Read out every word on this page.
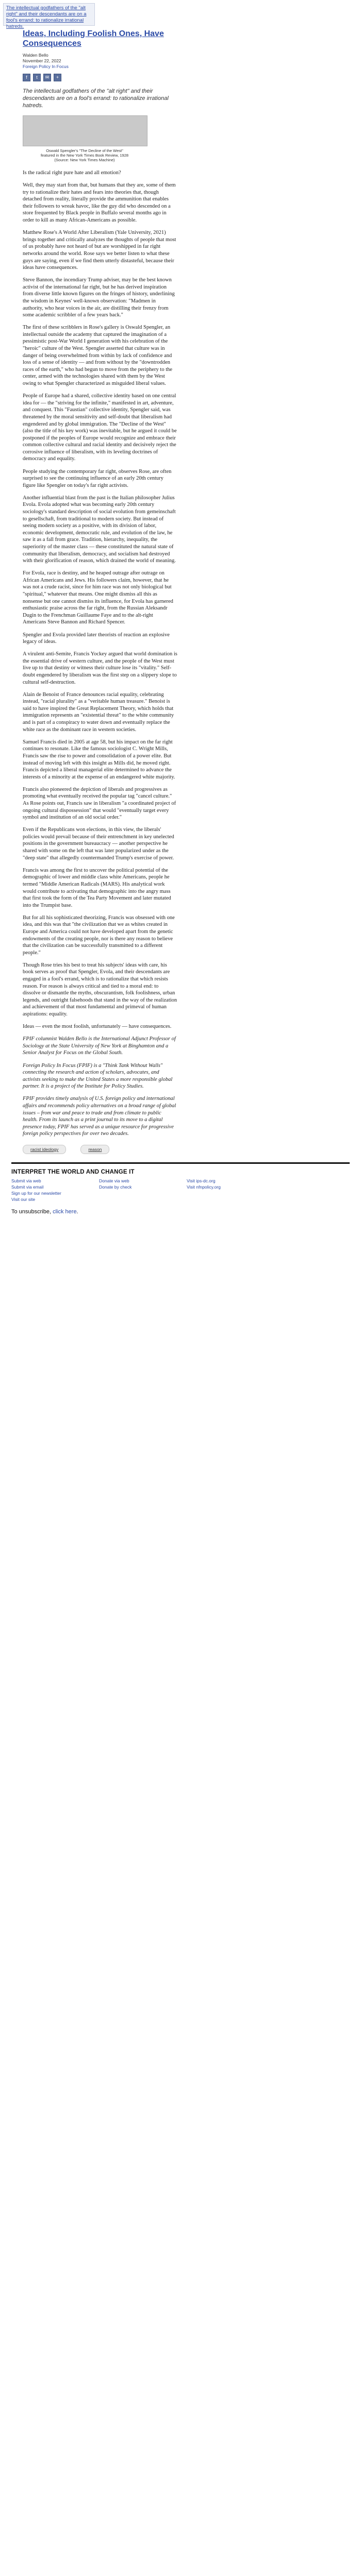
The intellectual godfathers of the "alt right" and their descendants are on a fool's errand: to rationalize irrational hatreds.
Ideas, Including Foolish Ones, Have Consequences
Walden Bello
November 22, 2022
Foreign Policy In Focus
f	t	✉	+

The intellectual godfathers of the "alt right" and their descendants are on a fool's errand: to rationalize irrational hatreds.

Oswald Spengler's "The Decline of the West"
featured in the New York Times Book Review, 1928
(Source: New York Times Machine)

Is the radical right pure hate and all emotion?

Well, they may start from that, but humans that they are, some of them try to rationalize their hates and fears into theories that, though detached from reality, literally provide the ammunition that enables their followers to wreak havoc, like the guy did who descended on a store frequented by Black people in Buffalo several months ago in order to kill as many African-Americans as possible.

Matthew Rose's A World After Liberalism (Yale University, 2021) brings together and critically analyzes the thoughts of people that most of us probably have not heard of but are worshipped in far right networks around the world. Rose says we better listen to what these guys are saying, even if we find them utterly distasteful, because their ideas have consequences.

Steve Bannon, the incendiary Trump adviser, may be the best known activist of the international far right, but he has derived inspiration from diverse little known figures on the fringes of history, underlining the wisdom in Keynes' well-known observation: "Madmen in authority, who hear voices in the air, are distilling their frenzy from some academic scribbler of a few years back."

The first of these scribblers in Rose's gallery is Oswald Spengler, an intellectual outside the academy that captured the imagination of a pessimistic post-War World I generation with his celebration of the "heroic" culture of the West. Spengler asserted that culture was in danger of being overwhelmed from within by lack of confidence and loss of a sense of identity — and from without by the "downtrodden races of the earth," who had begun to move from the periphery to the center, armed with the technologies shared with them by the West owing to what Spengler characterized as misguided liberal values.

People of Europe had a shared, collective identity based on one central idea for — the "striving for the infinite," manifested in art, adventure, and conquest. This "Faustian" collective identity, Spengler said, was threatened by the moral sensitivity and self-doubt that liberalism had engendered and by global immigration. The "Decline of the West" (also the title of his key work) was inevitable, but he argued it could be postponed if the peoples of Europe would recognize and embrace their common collective cultural and racial identity and decisively reject the corrosive influence of liberalism, with its leveling doctrines of democracy and equality.

People studying the contemporary far right, observes Rose, are often surprised to see the continuing influence of an early 20th century figure like Spengler on today's far right activists.

Another influential blast from the past is the Italian philosopher Julius Evola. Evola adopted what was becoming early 20th century sociology's standard description of social evolution from gemeinschaft to gesellschaft, from traditional to modern society. But instead of seeing modern society as a positive, with its division of labor, economic development, democratic rule, and evolution of the law, he saw it as a fall from grace. Tradition, hierarchy, inequality, the superiority of the master class — these constituted the natural state of community that liberalism, democracy, and socialism had destroyed with their glorification of reason, which drained the world of meaning.

For Evola, race is destiny, and he heaped outrage after outrage on African Americans and Jews. His followers claim, however, that he was not a crude racist, since for him race was not only biological but "spiritual," whatever that means. One might dismiss all this as nonsense but one cannot dismiss its influence, for Evola has garnered enthusiastic praise across the far right, from the Russian Aleksandr Dugin to the Frenchman Guillaume Faye and to the alt-right Americans Steve Bannon and Richard Spencer.

Spengler and Evola provided later theorists of reaction an explosive legacy of ideas.

A virulent anti-Semite, Francis Yockey argued that world domination is the essential drive of western culture, and the people of the West must live up to that destiny or witness their culture lose its "vitality." Self-doubt engendered by liberalism was the first step on a slippery slope to cultural self-destruction.

Alain de Benoist of France denounces racial equality, celebrating instead, "racial plurality" as a "veritable human treasure." Benoist is said to have inspired the Great Replacement Theory, which holds that immigration represents an "existential threat" to the white community and is part of a conspiracy to water down and eventually replace the white race as the dominant race in western societies.

Samuel Francis died in 2005 at age 58, but his impact on the far right continues to resonate. Like the famous sociologist C. Wright Mills, Francis saw the rise to power and consolidation of a power elite. But instead of moving left with this insight as Mills did, he moved right. Francis depicted a liberal managerial elite determined to advance the interests of a minority at the expense of an endangered white majority.

Francis also pioneered the depiction of liberals and progressives as promoting what eventually received the popular tag "cancel culture." As Rose points out, Francis saw in liberalism "a coordinated project of ongoing cultural dispossession" that would "eventually target every symbol and institution of an old social order."

Even if the Republicans won elections, in this view, the liberals' policies would prevail because of their entrenchment in key unelected positions in the government bureaucracy — another perspective he shared with some on the left that was later popularized under as the "deep state" that allegedly countermanded Trump's exercise of power.

Francis was among the first to uncover the political potential of the demographic of lower and middle class white Americans, people he termed "Middle American Radicals (MARS). His analytical work would contribute to activating that demographic into the angry mass that first took the form of the Tea Party Movement and later mutated into the Trumpist base.

But for all his sophisticated theorizing, Francis was obsessed with one idea, and this was that "the civilization that we as whites created in Europe and America could not have developed apart from the genetic endowments of the creating people, nor is there any reason to believe that the civilization can be successfully transmitted to a different people."

Though Rose tries his best to treat his subjects' ideas with care, his book serves as proof that Spengler, Evola, and their descendants are engaged in a fool's errand, which is to rationalize that which resists reason. For reason is always critical and tied to a moral end: to dissolve or dismantle the myths, obscurantism, folk foolishness, urban legends, and outright falsehoods that stand in the way of the realization and achievement of that most fundamental and primeval of human aspirations: equality.

Ideas — even the most foolish, unfortunately — have consequences.

FPIF columnist Walden Bello is the International Adjunct Professor of Sociology at the State University of New York at Binghamton and a Senior Analyst for Focus on the Global South.

Foreign Policy In Focus (FPIF) is a "Think Tank Without Walls" connecting the research and action of scholars, advocates, and activists seeking to make the United States a more responsible global partner. It is a project of the Institute for Policy Studies.

FPIF provides timely analysis of U.S. foreign policy and international affairs and recommends policy alternatives on a broad range of global issues – from war and peace to trade and from climate to public health. From its launch as a print journal to its move to a digital presence today, FPIF has served as a unique resource for progressive foreign policy perspectives for over two decades.

racist ideology	reason
INTERPRET THE WORLD AND CHANGE IT
Submit via web	Donate via web	Visit ips-dc.org
Submit via email	Donate by check	Visit nfnpolicy.org
Sign up for our newsletter
Visit our site

To unsubscribe, click here.
